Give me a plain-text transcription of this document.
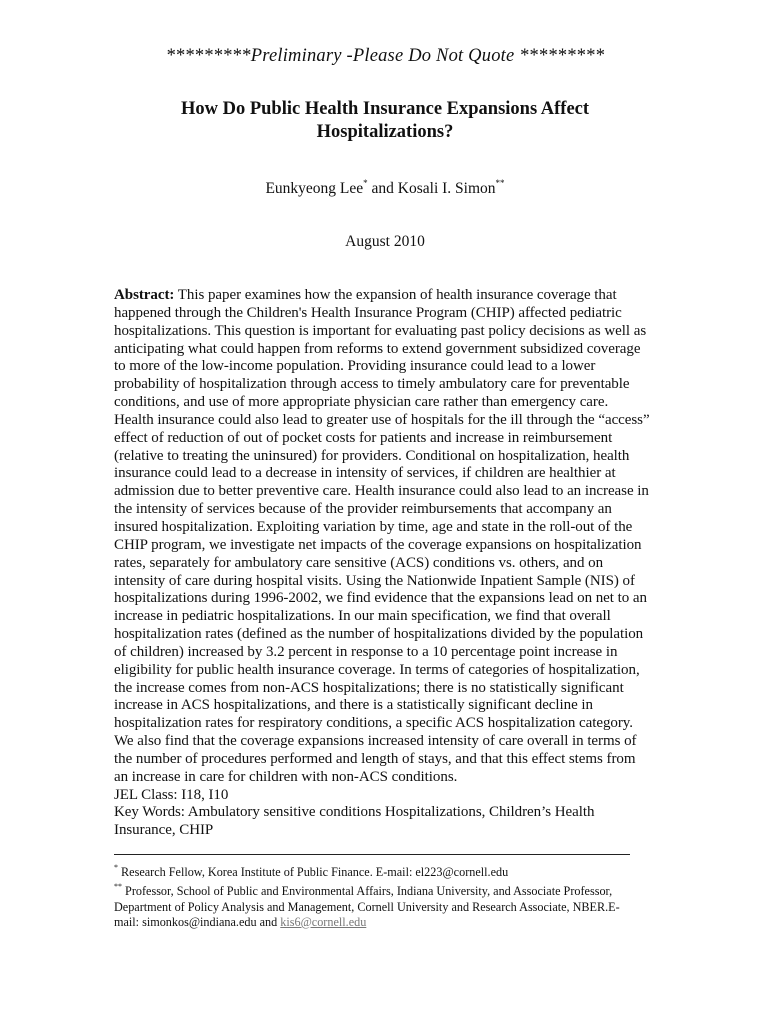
*********Preliminary -Please Do Not Quote *********
How Do Public Health Insurance Expansions Affect
Hospitalizations?
Eunkyeong Lee* and Kosali I. Simon**
August 2010
Abstract: This paper examines how the expansion of health insurance coverage that
happened through the Children's Health Insurance Program (CHIP) affected pediatric
hospitalizations. This question is important for evaluating past policy decisions as well as
anticipating what could happen from reforms to extend government subsidized coverage
to more of the low-income population. Providing insurance could lead to a lower
probability of hospitalization through access to timely ambulatory care for preventable
conditions, and use of more appropriate physician care rather than emergency care.
Health insurance could also lead to greater use of hospitals for the ill through the “access”
effect of reduction of out of pocket costs for patients and increase in reimbursement
(relative to treating the uninsured) for providers. Conditional on hospitalization, health
insurance could lead to a decrease in intensity of services, if children are healthier at
admission due to better preventive care. Health insurance could also lead to an increase in
the intensity of services because of the provider reimbursements that accompany an
insured hospitalization. Exploiting variation by time, age and state in the roll-out of the
CHIP program, we investigate net impacts of the coverage expansions on hospitalization
rates, separately for ambulatory care sensitive (ACS) conditions vs. others, and on
intensity of care during hospital visits. Using the Nationwide Inpatient Sample (NIS) of
hospitalizations during 1996-2002, we find evidence that the expansions lead on net to an
increase in pediatric hospitalizations. In our main specification, we find that overall
hospitalization rates (defined as the number of hospitalizations divided by the population
of children) increased by 3.2 percent in response to a 10 percentage point increase in
eligibility for public health insurance coverage. In terms of categories of hospitalization,
the increase comes from non-ACS hospitalizations; there is no statistically significant
increase in ACS hospitalizations, and there is a statistically significant decline in
hospitalization rates for respiratory conditions, a specific ACS hospitalization category.
We also find that the coverage expansions increased intensity of care overall in terms of
the number of procedures performed and length of stays, and that this effect stems from
an increase in care for children with non-ACS conditions.
JEL Class: I18, I10
Key Words: Ambulatory sensitive conditions Hospitalizations, Children’s Health
Insurance, CHIP
* Research Fellow, Korea Institute of Public Finance. E-mail: el223@cornell.edu
** Professor, School of Public and Environmental Affairs, Indiana University, and Associate Professor,
Department of Policy Analysis and Management, Cornell University and Research Associate, NBER.E-
mail: simonkos@indiana.edu and kis6@cornell.edu
